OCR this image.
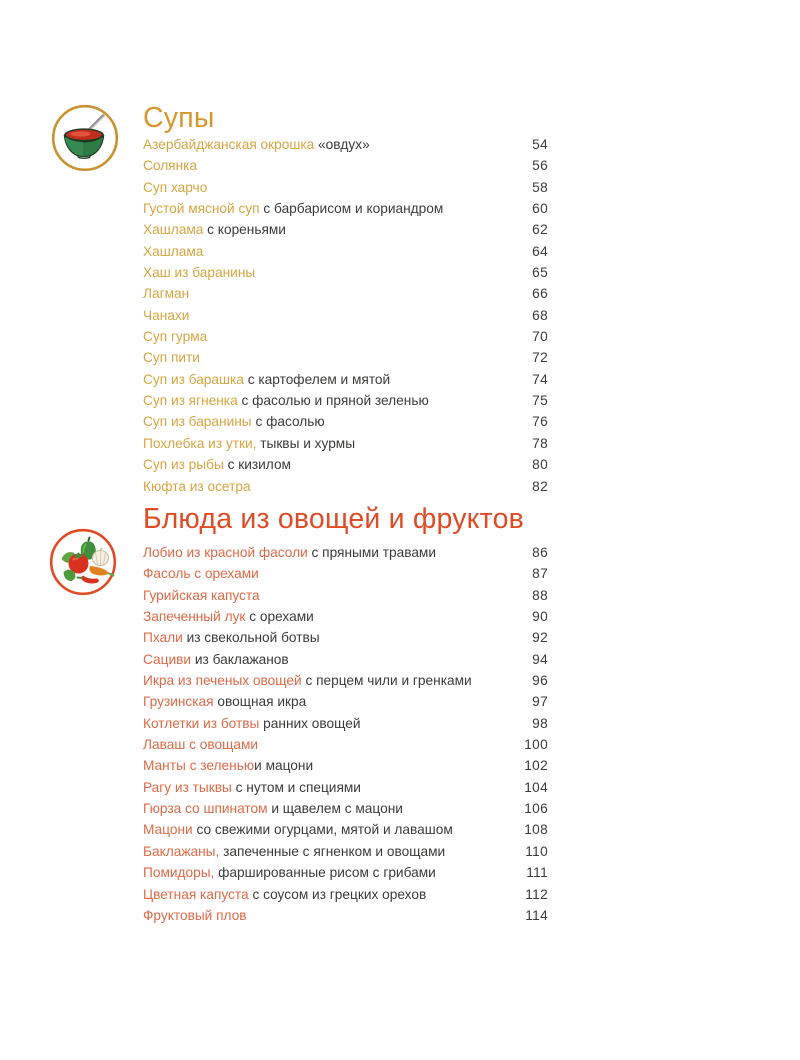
Супы
Азербайджанская окрошка «овдух»	54
Солянка	56
Суп харчо	58
Густой мясной суп с барбарисом и кориандром	60
Хашлама с кореньями	62
Хашлама	64
Хаш из баранины	65
Лагман	66
Чанахи	68
Суп гурма	70
Суп пити	72
Суп из барашка с картофелем и мятой	74
Суп из ягненка с фасолью и пряной зеленью	75
Суп из баранины с фасолью	76
Похлебка из утки, тыквы и хурмы	78
Суп из рыбы с кизилом	80
Кюфта из осетра	82
Блюда из овощей и фруктов
Лобио из красной фасоли с пряными травами	86
Фасоль с орехами	87
Гурийская капуста	88
Запеченный лук с орехами	90
Пхали из свекольной ботвы	92
Сациви из баклажанов	94
Икра из печеных овощей с перцем чили и гренками	96
Грузинская овощная икра	97
Котлетки из ботвы ранних овощей	98
Лаваш с овощами	100
Манты с зеленьюи мацони	102
Рагу из тыквы с нутом и специями	104
Гюрза со шпинатом и щавелем с мацони	106
Мацони со свежими огурцами, мятой и лавашом	108
Баклажаны, запеченные с ягненком и овощами	110
Помидоры, фаршированные рисом с грибами	111
Цветная капуста с соусом из грецких орехов	112
Фруктовый плов	114
